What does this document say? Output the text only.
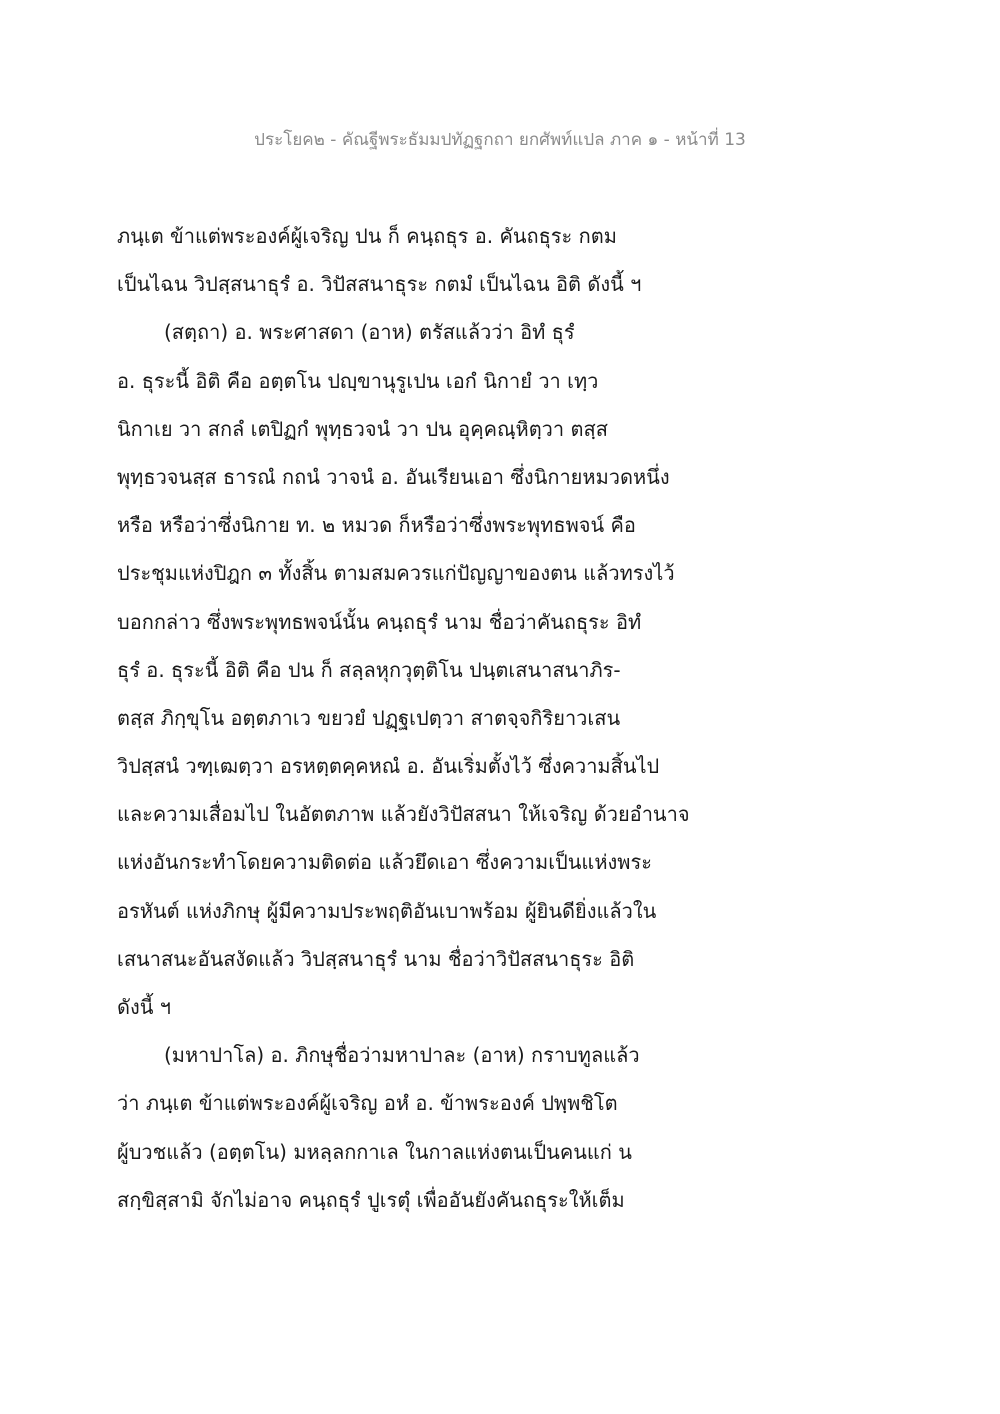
ประโยค๒ - คัณฐีพระธัมมปทัฏฐกถา ยกศัพท์แปล ภาค ๑ - หน้าที่ 13
ภนฺเต ข้าแต่พระองค์ผู้เจริญ ปน ก็ คนฺถธุร อ. คันถธุระ กตม
เป็นไฉน วิปสฺสนาธุรํ อ. วิปัสสนาธุระ กตมํ เป็นไฉน อิติ ดังนี้ ฯ
(สตฺถา) อ. พระศาสดา (อาห) ตรัสแล้วว่า อิทํ ธุรํ
อ. ธุระนี้ อิติ คือ อตฺตโน ปญฺขานุรูเปน เอกํ นิกายํ วา เทฺว
นิกาเย วา สกลํ เตปิฏกํ พุทฺธวจนํ วา ปน อุคฺคณฺหิตฺวา ตสฺส
พุทฺธวจนสฺส ธารณํ กถนํ วาจนํ อ. อันเรียนเอา ซึ่งนิกายหมวดหนึ่ง
หรือ หรือว่าซึ่งนิกาย ท. ๒ หมวด ก็หรือว่าซึ่งพระพุทธพจน์ คือ
ประชุมแห่งปิฎก ๓ ทั้งสิ้น ตามสมควรแก่ปัญญาของตน แล้วทรงไว้
บอกกล่าว ซึ่งพระพุทธพจน์นั้น คนฺถธุรํ นาม ชื่อว่าคันถธุระ อิทํ
ธุรํ อ. ธุระนี้ อิติ คือ ปน ก็ สลฺลหุกวุตฺติโน ปนฺตเสนาสนาภิร-
ตสฺส ภิกฺขุโน อตฺตภาเว ขยวยํ ปฏฺฐเปตฺวา สาตจฺจกิริยาวเสน
วิปสฺสนํ วฑฺเฒตฺวา อรหตฺตคฺคหณํ อ. อันเริ่มตั้งไว้ ซึ่งความสิ้นไป
และความเสื่อมไป ในอัตตภาพ แล้วยังวิปัสสนา ให้เจริญ ด้วยอำนาจ
แห่งอันกระทำโดยความติดต่อ แล้วยึดเอา ซึ่งความเป็นแห่งพระ
อรหันต์ แห่งภิกษุ ผู้มีความประพฤติอันเบาพร้อม ผู้ยินดียิ่งแล้วใน
เสนาสนะอันสงัดแล้ว วิปสฺสนาธุรํ นาม ชื่อว่าวิปัสสนาธุระ อิติ
ดังนี้ ฯ
(มหาปาโล) อ. ภิกษุชื่อว่ามหาปาละ (อาห) กราบทูลแล้ว
ว่า ภนฺเต ข้าแต่พระองค์ผู้เจริญ อหํ อ. ข้าพระองค์ ปพฺพชิโต
ผู้บวชแล้ว (อตฺตโน) มหลฺลกกาเล ในกาลแห่งตนเป็นคนแก่ น
สกฺขิสฺสามิ จักไม่อาจ คนฺถธุรํ ปูเรตุํ เพื่ออันยังคันถธุระให้เต็ม
